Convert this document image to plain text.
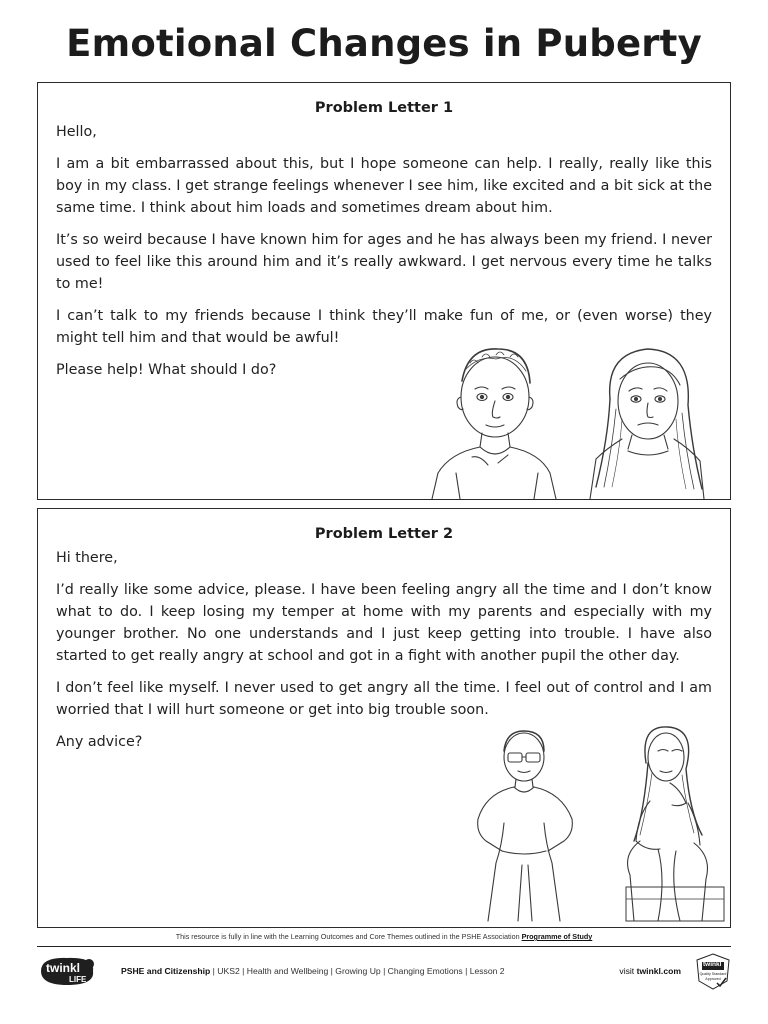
Emotional Changes in Puberty
Problem Letter 1

Hello,

I am a bit embarrassed about this, but I hope someone can help. I really, really like this boy in my class. I get strange feelings whenever I see him, like excited and a bit sick at the same time. I think about him loads and sometimes dream about him.

It’s so weird because I have known him for ages and he has always been my friend. I never used to feel like this around him and it’s really awkward. I get nervous every time he talks to me!

I can’t talk to my friends because I think they’ll make fun of me, or (even worse) they might tell him and that would be awful!

Please help! What should I do?

Problem Letter 2

Hi there,

I’d really like some advice, please. I have been feeling angry all the time and I don’t know what to do. I keep losing my temper at home with my parents and especially with my younger brother. No one understands and I just keep getting into trouble. I have also started to get really angry at school and got in a fight with another pupil the other day.

I don’t feel like myself. I never used to get angry all the time. I feel out of control and I am worried that I will hurt someone or get into big trouble soon.

Any advice?

This resource is fully in line with the Learning Outcomes and Core Themes outlined in the PSHE Association Programme of Study
twinkl
LIFE
PSHE and Citizenship | UKS2 | Health and Wellbeing | Growing Up | Changing Emotions | Lesson 2	visit twinkl.com
twinkl
Quality Standard
Approved
